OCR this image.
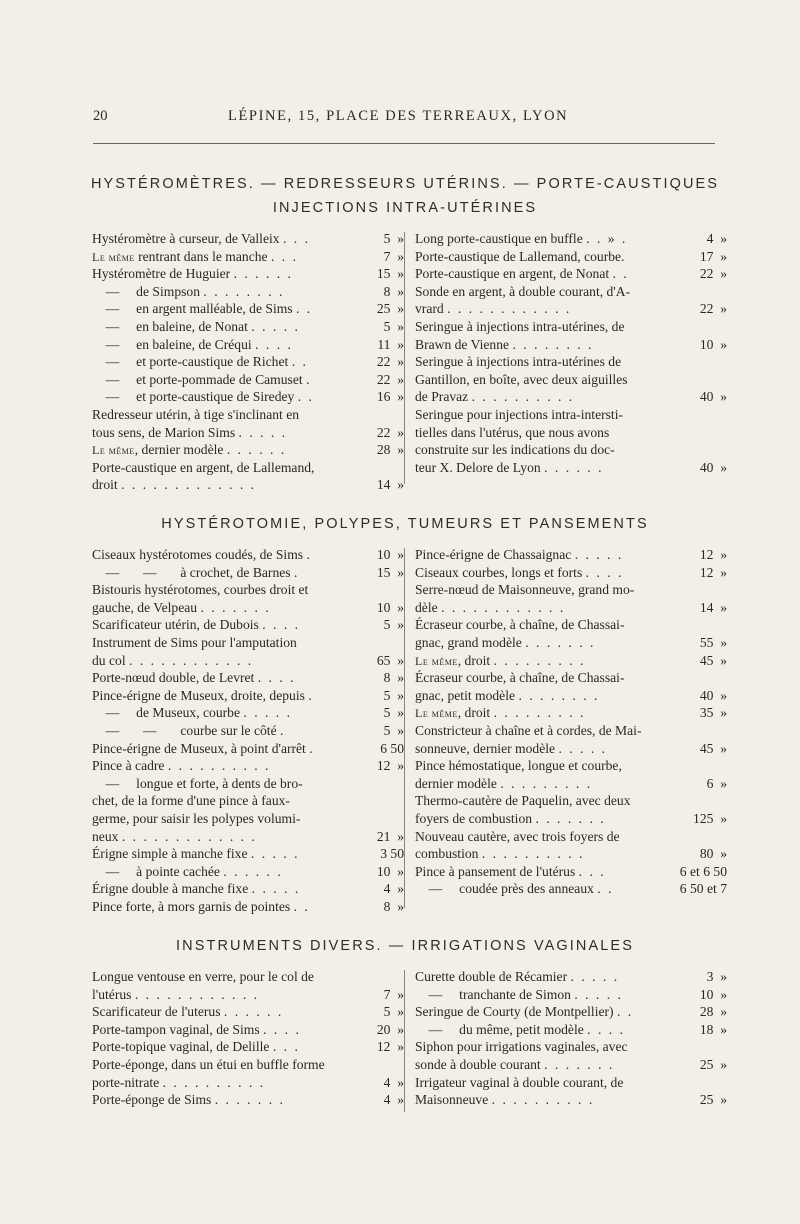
20	LÉPINE, 15, PLACE DES TERREAUX, LYON
HYSTÉROMÈTRES. — REDRESSEURS UTÉRINS. — PORTE-CAUSTIQUES
INJECTIONS INTRA-UTÉRINES
Hystéromètre à curseur, de Valleix . . .	5  »
Le même rentrant dans le manche . . .	7  »
Hystéromètre de Huguier . . . . . .	15  »
—     de Simpson . . . . . . . .	8  »
—     en argent malléable, de Sims . .	25  »
—     en baleine, de Nonat . . . . .	5  »
—     en baleine, de Créqui . . . .	11  »
—     et porte-caustique de Richet . .	22  »
—     et porte-pommade de Camuset .	22  »
—     et porte-caustique de Siredey . .	16  »
Redresseur utérin, à tige s'inclinant en
tous sens, de Marion Sims . . . . .	22  »
Le même, dernier modèle . . . . . .	28  »
Porte-caustique en argent, de Lallemand,
droit . . . . . . . . . . . . .	14  »
Long porte-caustique en buffle . . » .	4  »
Porte-caustique de Lallemand, courbe.	17  »
Porte-caustique en argent, de Nonat . .	22  »
Sonde en argent, à double courant, d'A-
vrard . . . . . . . . . . . .	22  »
Seringue à injections intra-utérines, de
Brawn de Vienne . . . . . . . .	10  »
Seringue à injections intra-utérines de
Gantillon, en boîte, avec deux aiguilles
de Pravaz . . . . . . . . . .	40  »
Seringue pour injections intra-intersti-
tielles dans l'utérus, que nous avons
construite sur les indications du doc-
teur X. Delore de Lyon . . . . . .	40  »
HYSTÉROTOMIE, POLYPES, TUMEURS ET PANSEMENTS
Ciseaux hystérotomes coudés, de Sims .	10  »
—       —       à crochet, de Barnes .	15  »
Bistouris hystérotomes, courbes droit et
gauche, de Velpeau . . . . . . .	10  »
Scarificateur utérin, de Dubois . . . .	5  »
Instrument de Sims pour l'amputation
du col . . . . . . . . . . . .	65  »
Porte-nœud double, de Levret . . . .	8  »
Pince-érigne de Museux, droite, depuis .	5  »
—     de Museux, courbe . . . . .	5  »
—       —       courbe sur le côté .	5  »
Pince-érigne de Museux, à point d'arrêt .	6 50
Pince à cadre . . . . . . . . . .	12  »
—     longue et forte, à dents de bro-
chet, de la forme d'une pince à faux-
germe, pour saisir les polypes volumi-
neux . . . . . . . . . . . . .	21  »
Érigne simple à manche fixe . . . . .	3 50
—     à pointe cachée . . . . . .	10  »
Érigne double à manche fixe . . . . .	4  »
Pince forte, à mors garnis de pointes . .	8  »
Pince-érigne de Chassaignac . . . . .	12  »
Ciseaux courbes, longs et forts . . . .	12  »
Serre-nœud de Maisonneuve, grand mo-
dèle . . . . . . . . . . . .	14  »
Écraseur courbe, à chaîne, de Chassai-
gnac, grand modèle . . . . . . .	55  »
Le même, droit . . . . . . . . .	45  »
Écraseur courbe, à chaîne, de Chassai-
gnac, petit modèle . . . . . . . .	40  »
Le même, droit . . . . . . . . .	35  »
Constricteur à chaîne et à cordes, de Mai-
sonneuve, dernier modèle . . . . .	45  »
Pince hémostatique, longue et courbe,
dernier modèle . . . . . . . . .	6  »
Thermo-cautère de Paquelin, avec deux
foyers de combustion . . . . . . .	125  »
Nouveau cautère, avec trois foyers de
combustion . . . . . . . . . .	80  »
Pince à pansement de l'utérus . . .	6 et 6 50
—     coudée près des anneaux . .	6 50 et 7
INSTRUMENTS DIVERS. — IRRIGATIONS VAGINALES
Longue ventouse en verre, pour le col de
l'utérus . . . . . . . . . . . .	7  »
Scarificateur de l'uterus . . . . . .	5  »
Porte-tampon vaginal, de Sims . . . .	20  »
Porte-topique vaginal, de Delille . . .	12  »
Porte-éponge, dans un étui en buffle forme
porte-nitrate . . . . . . . . . .	4  »
Porte-éponge de Sims . . . . . . .	4  »
Curette double de Récamier . . . . .	3  »
—     tranchante de Simon . . . . .	10  »
Seringue de Courty (de Montpellier) . .	28  »
—     du même, petit modèle . . . .	18  »
Siphon pour irrigations vaginales, avec
sonde à double courant . . . . . . .	25  »
Irrigateur vaginal à double courant, de
Maisonneuve . . . . . . . . . .	25  »
